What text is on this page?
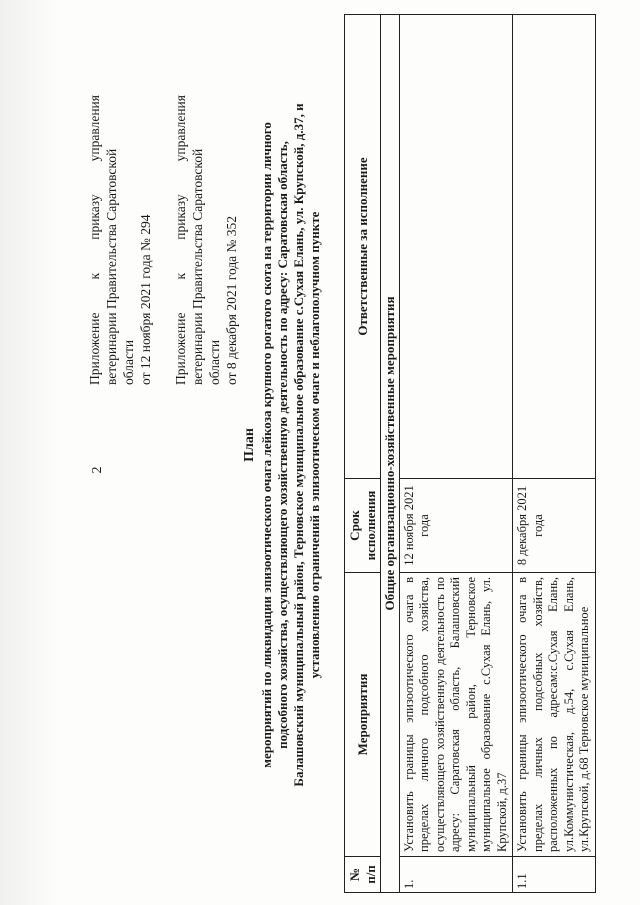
2
Приложение
к
приказу
управления
ветеринарии Правительства Саратовской области от 12 ноября 2021 года № 294 Приложение
к
приказу
управления
ветеринарии Правительства Саратовской области от 8 декабря 2021 года № 352
План мероприятий по ликвидации эпизоотического очага лейкоза крупного рогатого скота на территории личного подсобного хозяйства, осуществляющего хозяйственную деятельность по адресу: Саратовская область, Балашовский муниципальный район, Терновское муниципальное образование с.Сухая Елань, ул. Крупской, д.37, и установлению ограничений в эпизоотическом очаге и неблагополучном пункте
№ п/п	Мероприятия	Срок исполнения	Ответственные за исполнение
Общие организационно-хозяйственные мероприятия			
1.	Установить границы эпизоотического очага в пределах личного подсобного хозяйства, осуществляющего хозяйственную деятельность по адресу: Саратовская область, Балашовский муниципальный район, Терновское муниципальное образование с.Сухая Елань, ул. Крупской, д.37	12 ноября 2021 года	
1.1	Установить границы эпизоотического очага в пределах личных подсобных хозяйств, расположенных по адресам:с.Сухая Елань, ул.Коммунистическая, д.54, с.Сухая Елань, ул.Крупской, д.68 Терновское муниципальное	8 декабря 2021 года	
